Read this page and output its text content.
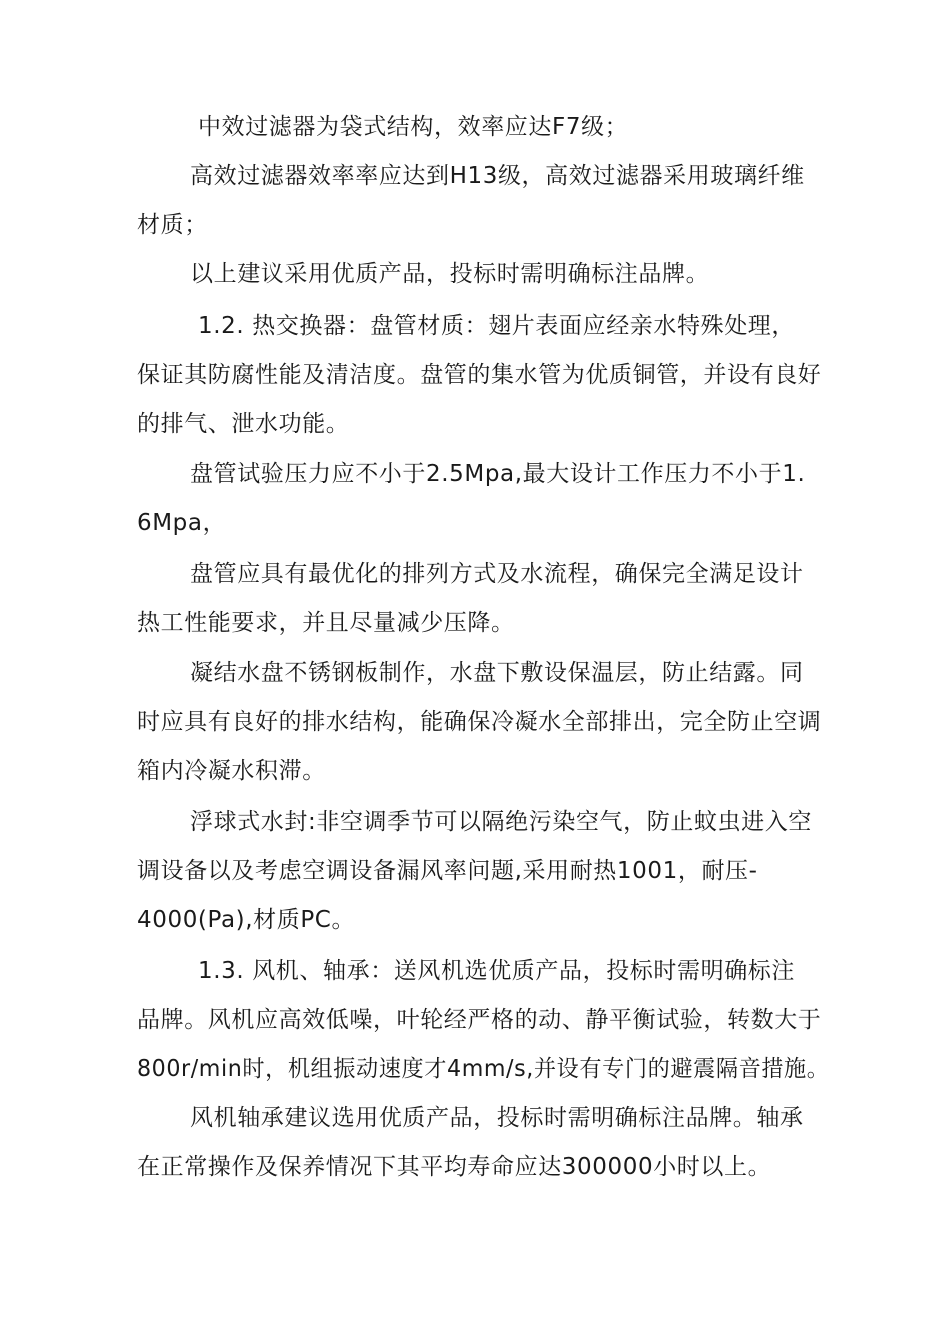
中效过滤器为袋式结构，效率应达F7级；
高效过滤器效率率应达到H13级，高效过滤器采用玻璃纤维
材质；
以上建议采用优质产品，投标时需明确标注品牌。
1.2. 热交换器：盘管材质：翅片表面应经亲水特殊处理，
保证其防腐性能及清洁度。盘管的集水管为优质铜管，并设有良好
的排气、泄水功能。
盘管试验压力应不小于2.5Mpa,最大设计工作压力不小于1.
6Mpa，
盘管应具有最优化的排列方式及水流程，确保完全满足设计
热工性能要求，并且尽量减少压降。
凝结水盘不锈钢板制作，水盘下敷设保温层，防止结露。同
时应具有良好的排水结构，能确保冷凝水全部排出，完全防止空调
箱内冷凝水积滞。
浮球式水封:非空调季节可以隔绝污染空气，防止蚊虫进入空
调设备以及考虑空调设备漏风率问题,采用耐热1001，耐压-
4000(Pa),材质PC。
1.3. 风机、轴承：送风机选优质产品，投标时需明确标注
品牌。风机应高效低噪，叶轮经严格的动、静平衡试验，转数大于
800r/min时，机组振动速度才4mm/s,并设有专门的避震隔音措施。
风机轴承建议选用优质产品，投标时需明确标注品牌。轴承
在正常操作及保养情况下其平均寿命应达300000小时以上。
